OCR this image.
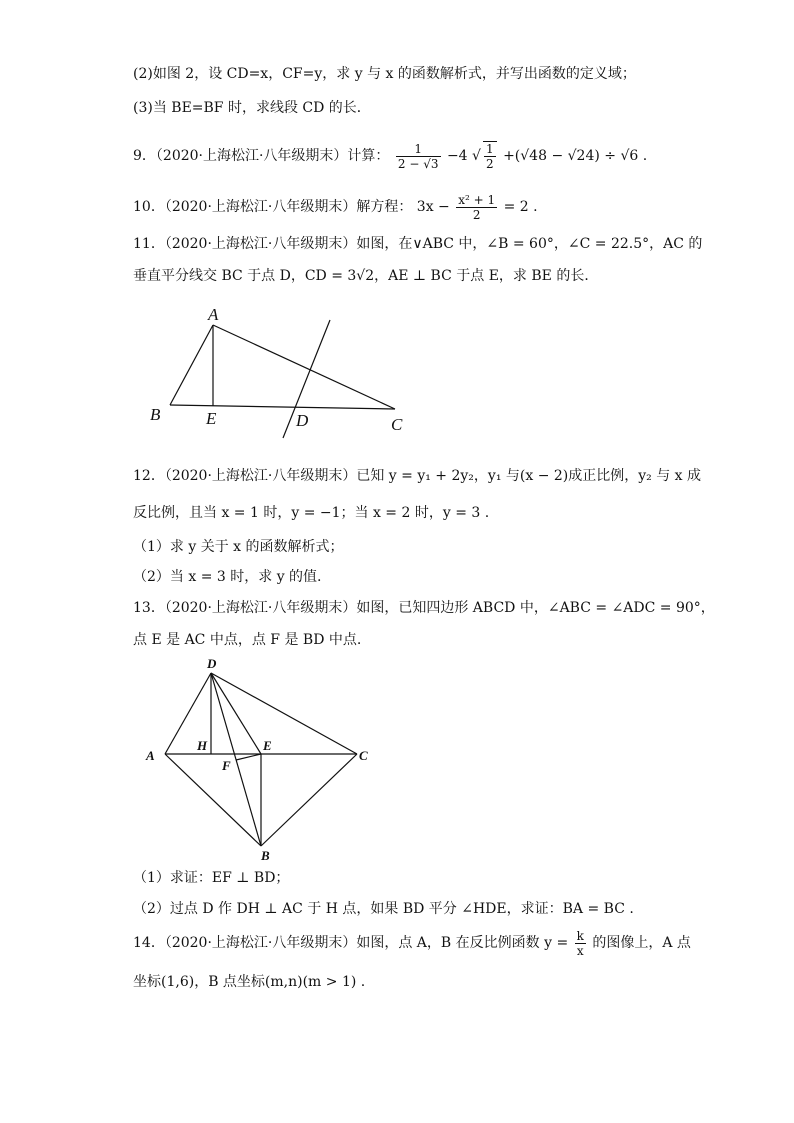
(2)如图 2，设 CD=x，CF=y，求 y 与 x 的函数解析式，并写出函数的定义域；
(3)当 BE=BF 时，求线段 CD 的长．
9．（2020·上海松江·八年级期末）计算： $\frac{1}{2 - √3} -4$ √ $\frac{1}{2} +(√48 - √24) \div √6$ .
10．（2020·上海松江·八年级期末）解方程： $3x - \frac{\text{x² + 1}}{2} = 2$ .
11．（2020·上海松江·八年级期末）如图，在∨ABC 中，∠B = 60°，∠C = 22.5°，AC 的
垂直平分线交 BC 于点 D，CD = 3√2，AE ⊥ BC 于点 E，求 BE 的长．
A
B	E	D	C
12．（2020·上海松江·八年级期末）已知 y = y₁ + 2y₂，y₁ 与(x − 2)成正比例，y₂ 与 x 成
反比例，且当 x = 1 时，y = −1；当 x = 2 时，y = 3 .
（1）求 y 关于 x 的函数解析式；
（2）当 x = 3 时，求 y 的值.
13．（2020·上海松江·八年级期末）如图，已知四边形 ABCD 中，∠ABC = ∠ADC = 90°，
点 E 是 AC 中点，点 F 是 BD 中点.
D
A
H	E
F
C
B
（1）求证：EF ⊥ BD；
（2）过点 D 作 DH ⊥ AC 于 H 点，如果 BD 平分 ∠HDE，求证：BA = BC .
14．（2020·上海松江·八年级期末）如图，点 A，B 在反比例函数 $y = \frac{k}{x}$ 的图像上，A 点
坐标(1,6)，B 点坐标(m,n)(m > 1) .
